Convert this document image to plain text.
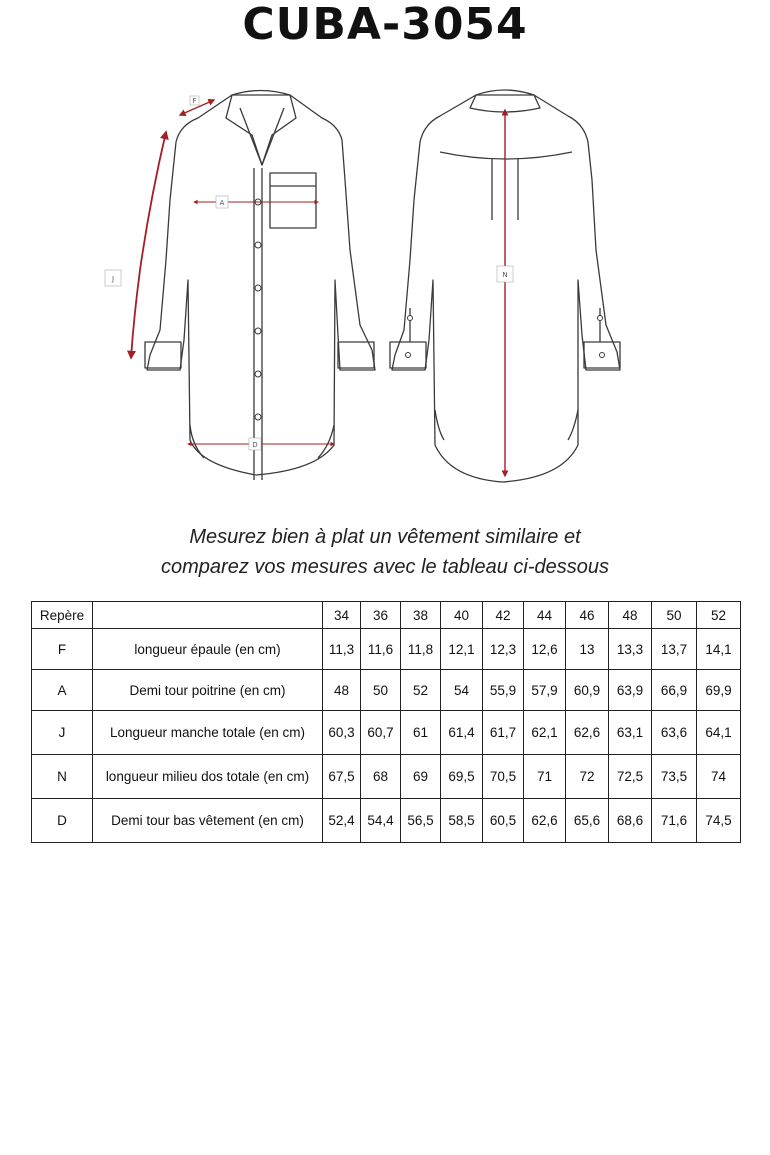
CUBA-3054
F
A
J
D
N
Mesurez bien à plat un vêtement similaire et
comparez vos mesures avec le tableau ci-dessous
Repère		34	36	38	40	42	44	46	48	50	52
F	longueur épaule (en cm)	11,3	11,6	11,8	12,1	12,3	12,6	13	13,3	13,7	14,1
A	Demi tour poitrine (en cm)	48	50	52	54	55,9	57,9	60,9	63,9	66,9	69,9
J	Longueur manche totale (en cm)	60,3	60,7	61	61,4	61,7	62,1	62,6	63,1	63,6	64,1
N	longueur milieu dos totale (en cm)	67,5	68	69	69,5	70,5	71	72	72,5	73,5	74
D	Demi tour bas vêtement (en cm)	52,4	54,4	56,5	58,5	60,5	62,6	65,6	68,6	71,6	74,5
